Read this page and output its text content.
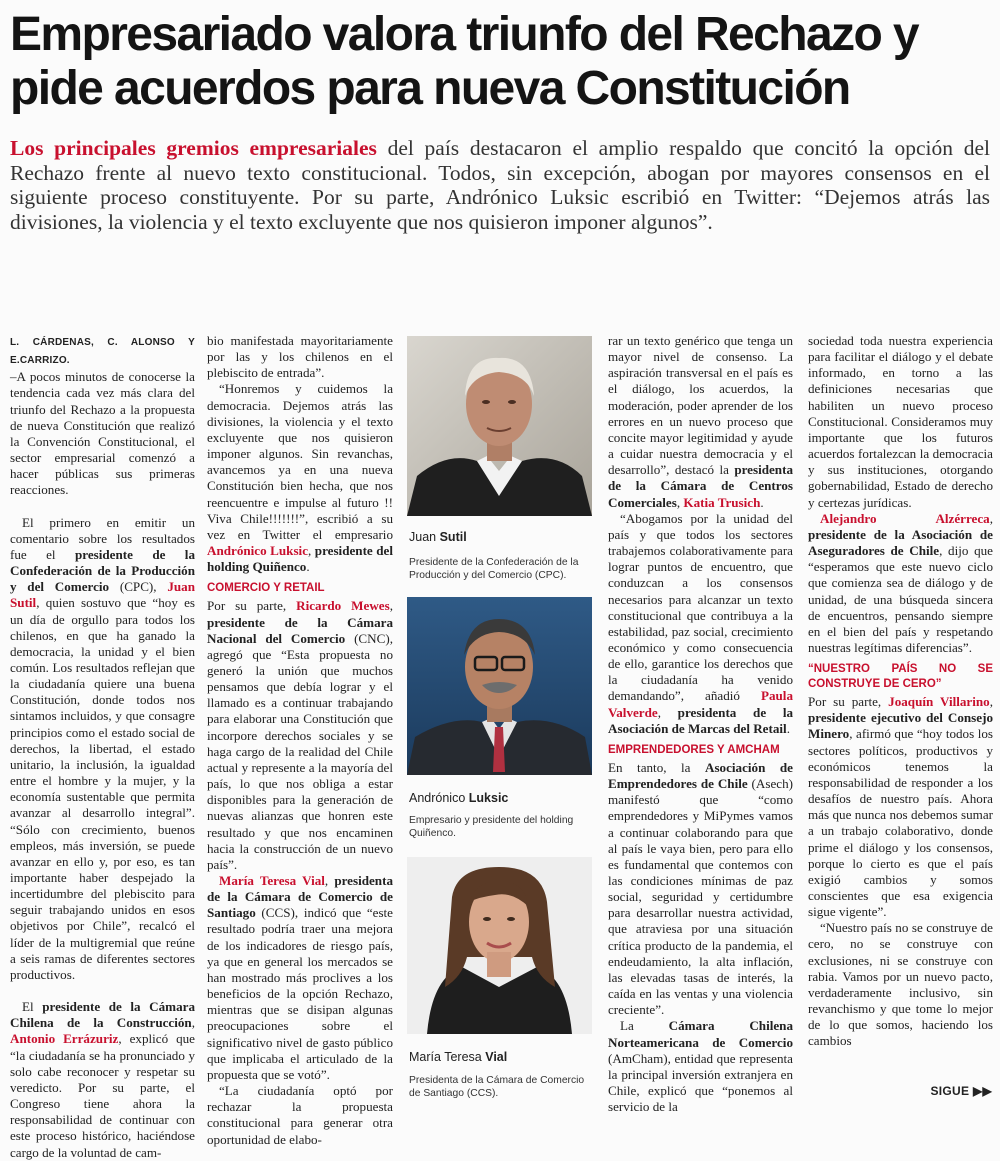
Empresariado valora triunfo del Rechazo y
pide acuerdos para nueva Constitución

Los principales gremios empresariales del país destacaron el amplio respaldo que concitó la opción del Rechazo frente al nuevo texto constitucional. Todos, sin excepción, abogan por mayores consensos en el siguiente proceso constituyente. Por su parte, Andrónico Luksic escribió en Twitter: “Dejemos atrás las divisiones, la violencia y el texto excluyente que nos quisieron imponer algunos”.

L. CÁRDENAS, C. ALONSO Y E.CARRIZO.

–A pocos minutos de conocerse la tendencia cada vez más clara del triunfo del Rechazo a la propuesta de nueva Constitución que realizó la Convención Constitucional, el sector empresarial comenzó a hacer públicas sus primeras reacciones.

El primero en emitir un comentario sobre los resultados fue el presidente de la Confederación de la Producción y del Comercio (CPC), Juan Sutil, quien sostuvo que “hoy es un día de orgullo para todos los chilenos, en que ha ganado la democracia, la unidad y el bien común. Los resultados reflejan que la ciudadanía quiere una buena Constitución, donde todos nos sintamos incluidos, y que consagre principios como el estado social de derechos, la libertad, el estado unitario, la inclusión, la igualdad entre el hombre y la mujer, y la economía sustentable que permita avanzar al desarrollo integral”. “Sólo con crecimiento, buenos empleos, más inversión, se puede avanzar en ello y, por eso, es tan importante haber despejado la incertidumbre del plebiscito para seguir trabajando unidos en esos objetivos por Chile”, recalcó el líder de la multigremial que reúne a seis ramas de diferentes sectores productivos.

El presidente de la Cámara Chilena de la Construcción, Antonio Errázuriz, explicó que “la ciudadanía se ha pronunciado y solo cabe reconocer y respetar su veredicto. Por su parte, el Congreso tiene ahora la responsabilidad de continuar con este proceso histórico, haciéndose cargo de la voluntad de cam-

bio manifestada mayoritariamente por las y los chilenos en el plebiscito de entrada”.

“Honremos y cuidemos la democracia. Dejemos atrás las divisiones, la violencia y el texto excluyente que nos quisieron imponer algunos. Sin revanchas, avancemos ya en una nueva Constitución bien hecha, que nos reencuentre e impulse al futuro !! Viva Chile!!!!!!!”, escribió a su vez en Twitter el empresario Andrónico Luksic, presidente del holding Quiñenco.

COMERCIO Y RETAIL

Por su parte, Ricardo Mewes, presidente de la Cámara Nacional del Comercio (CNC), agregó que “Esta propuesta no generó la unión que muchos pensamos que debía lograr y el llamado es a continuar trabajando para elaborar una Constitución que incorpore derechos sociales y se haga cargo de la realidad del Chile actual y represente a la mayoría del país, lo que nos obliga a estar disponibles para la generación de nuevas alianzas que honren este resultado y que nos encaminen hacia la construcción de un nuevo país”.

María Teresa Vial, presidenta de la Cámara de Comercio de Santiago (CCS), indicó que “este resultado podría traer una mejora de los indicadores de riesgo país, ya que en general los mercados se han mostrado más proclives a los beneficios de la opción Rechazo, mientras que se disipan algunas preocupaciones sobre el significativo nivel de gasto público que implicaba el articulado de la propuesta que se votó”.

“La ciudadanía optó por rechazar la propuesta constitucional para generar otra oportunidad de elabo-

Juan Sutil
Presidente de la Confederación de la Producción y del Comercio (CPC).
Andrónico Luksic
Empresario y presidente del holding Quiñenco.
María Teresa Vial
Presidenta de la Cámara de Comercio de Santiago (CCS).

rar un texto genérico que tenga un mayor nivel de consenso. La aspiración transversal en el país es el diálogo, los acuerdos, la moderación, poder aprender de los errores en un nuevo proceso que concite mayor legitimidad y ayude a cuidar nuestra democracia y el desarrollo”, destacó la presidenta de la Cámara de Centros Comerciales, Katia Trusich.

“Abogamos por la unidad del país y que todos los sectores trabajemos colaborativamente para lograr puntos de encuentro, que conduzcan a los consensos necesarios para alcanzar un texto constitucional que contribuya a la estabilidad, paz social, crecimiento económico y como consecuencia de ello, garantice los derechos que la ciudadanía ha venido demandando”, añadió Paula Valverde, presidenta de la Asociación de Marcas del Retail.

EMPRENDEDORES Y AMCHAM

En tanto, la Asociación de Emprendedores de Chile (Asech) manifestó que “como emprendedores y MiPymes vamos a continuar colaborando para que al país le vaya bien, pero para ello es fundamental que contemos con las condiciones mínimas de paz social, seguridad y certidumbre para desarrollar nuestra actividad, que atraviesa por una situación crítica producto de la pandemia, el endeudamiento, la alta inflación, las elevadas tasas de interés, la caída en las ventas y una violencia creciente”.

La Cámara Chilena Norteamericana de Comercio (AmCham), entidad que representa la principal inversión extranjera en Chile, explicó que “ponemos al servicio de la

sociedad toda nuestra experiencia para facilitar el diálogo y el debate informado, en torno a las definiciones necesarias que habiliten un nuevo proceso Constitucional. Consideramos muy importante que los futuros acuerdos fortalezcan la democracia y sus instituciones, otorgando gobernabilidad, Estado de derecho y certezas jurídicas.

Alejandro Alzérreca, presidente de la Asociación de Aseguradores de Chile, dijo que “esperamos que este nuevo ciclo que comienza sea de diálogo y de unidad, de una búsqueda sincera de encuentros, pensando siempre en el bien del país y respetando nuestras legítimas diferencias”.

“NUESTRO PAÍS NO SE CONSTRUYE DE CERO”

Por su parte, Joaquín Villarino, presidente ejecutivo del Consejo Minero, afirmó que “hoy todos los sectores políticos, productivos y económicos tenemos la responsabilidad de responder a los desafíos de nuestro país. Ahora más que nunca nos debemos sumar a un trabajo colaborativo, donde prime el diálogo y los consensos, porque lo cierto es que el país exigió cambios y somos conscientes que esa exigencia sigue vigente”.

“Nuestro país no se construye de cero, no se construye con exclusiones, ni se construye con rabia. Vamos por un nuevo pacto, verdaderamente inclusivo, sin revanchismo y que tome lo mejor de lo que somos, haciendo los cambios

SIGUE ▶▶
